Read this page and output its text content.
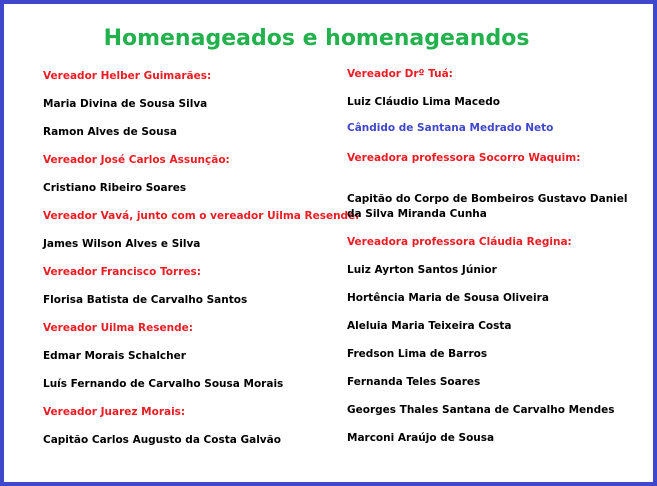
Homenageados e homenageandos
Vereador Helber Guimarães:
Maria Divina de Sousa Silva
Ramon Alves de Sousa
Vereador José Carlos Assunção:
Cristiano Ribeiro Soares
Vereador Vavá, junto com o vereador Uilma Resende:
James Wilson Alves e Silva
Vereador Francisco Torres:
Florisa Batista de Carvalho Santos
Vereador Uilma Resende:
Edmar Morais Schalcher
Luís Fernando de Carvalho Sousa Morais
Vereador Juarez Morais:
Capitão Carlos Augusto da Costa Galvão
Vereador Drº Tuá:
Luiz Cláudio Lima Macedo
Cândido de Santana Medrado Neto
Vereadora professora Socorro Waquim:
Capitão do Corpo de Bombeiros Gustavo Daniel da Silva Miranda Cunha
Vereadora professora Cláudia Regina:
Luiz Ayrton Santos Júnior
Hortência Maria de Sousa Oliveira
Aleluia Maria Teixeira Costa
Fredson Lima de Barros
Fernanda Teles Soares
Georges Thales Santana de Carvalho Mendes
Marconi Araújo de Sousa
